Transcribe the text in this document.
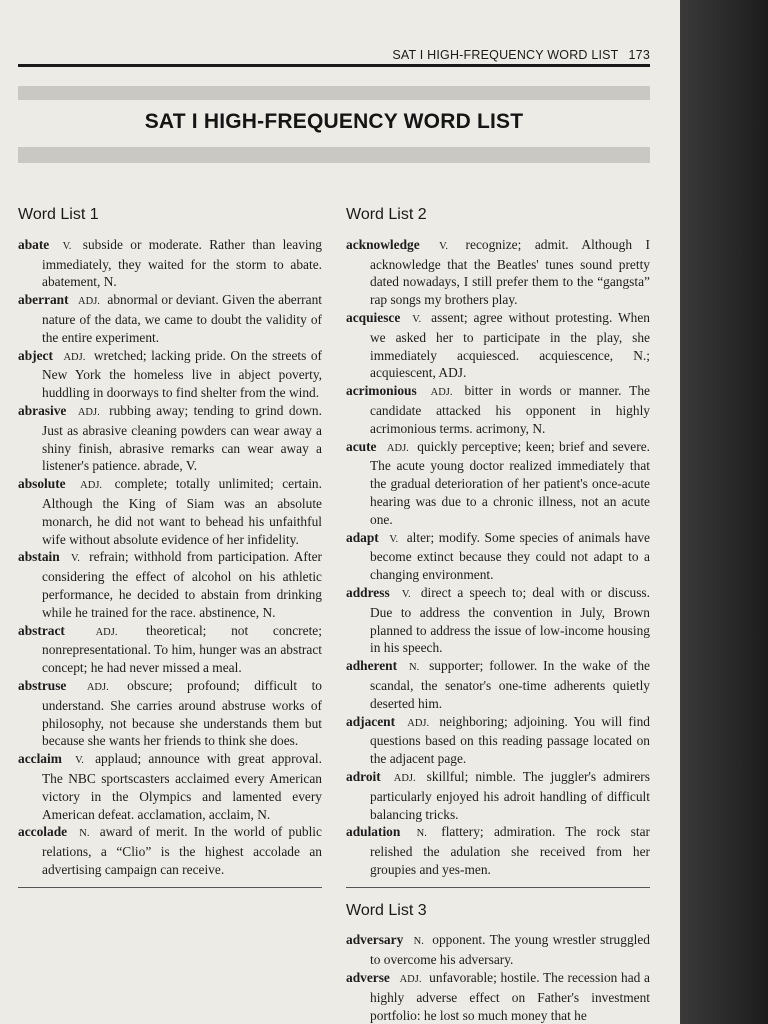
SAT I HIGH-FREQUENCY WORD LIST 173
SAT I HIGH-FREQUENCY WORD LIST
Word List 1

abate V. subside or moderate. Rather than leaving immediately, they waited for the storm to abate. abatement, N.

aberrant ADJ. abnormal or deviant. Given the aberrant nature of the data, we came to doubt the validity of the entire experiment.

abject ADJ. wretched; lacking pride. On the streets of New York the homeless live in abject poverty, huddling in doorways to find shelter from the wind.

abrasive ADJ. rubbing away; tending to grind down. Just as abrasive cleaning powders can wear away a shiny finish, abrasive remarks can wear away a listener's patience. abrade, V.

absolute ADJ. complete; totally unlimited; certain. Although the King of Siam was an absolute monarch, he did not want to behead his unfaithful wife without absolute evidence of her infidelity.

abstain V. refrain; withhold from participation. After considering the effect of alcohol on his athletic performance, he decided to abstain from drinking while he trained for the race. abstinence, N.

abstract	ADJ. theoretical; not concrete; nonrepresentational. To him, hunger was an abstract concept; he had never missed a meal.

abstruse ADJ. obscure; profound; difficult to understand. She carries around abstruse works of philosophy, not because she understands them but because she wants her friends to think she does.

acclaim V. applaud; announce with great approval. The NBC sportscasters acclaimed every American victory in the Olympics and lamented every American defeat. acclamation, acclaim, N.

accolade N. award of merit. In the world of public relations, a “Clio” is the highest accolade an advertising campaign can receive.

Word List 2

acknowledge V. recognize; admit. Although I acknowledge that the Beatles' tunes sound pretty dated nowadays, I still prefer them to the “gangsta” rap songs my brothers play.

acquiesce V. assent; agree without protesting. When we asked her to participate in the play, she immediately acquiesced. acquiescence, N.; acquiescent, ADJ.

acrimonious ADJ. bitter in words or manner. The candidate attacked his opponent in highly acrimonious terms. acrimony, N.

acute ADJ. quickly perceptive; keen; brief and severe. The acute young doctor realized immediately that the gradual deterioration of her patient's once-acute hearing was due to a chronic illness, not an acute one.

adapt V. alter; modify. Some species of animals have become extinct because they could not adapt to a changing environment.

address V. direct a speech to; deal with or discuss. Due to address the convention in July, Brown planned to address the issue of low-income housing in his speech.

adherent N. supporter; follower. In the wake of the scandal, the senator's one-time adherents quietly deserted him.

adjacent ADJ. neighboring; adjoining. You will find questions based on this reading passage located on the adjacent page.

adroit ADJ. skillful; nimble. The juggler's admirers particularly enjoyed his adroit handling of difficult balancing tricks.

adulation N. flattery; admiration. The rock star relished the adulation she received from her groupies and yes-men.

Word List 3

adversary N. opponent. The young wrestler struggled to overcome his adversary.

adverse ADJ. unfavorable; hostile. The recession had a highly adverse effect on Father's investment portfolio: he lost so much money that he
